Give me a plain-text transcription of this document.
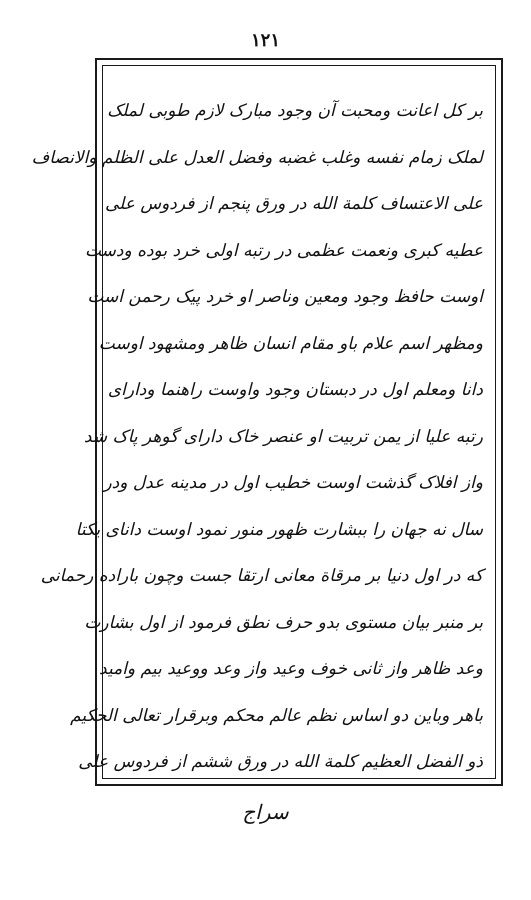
۱۲۱
بر کل اعانت ومحبت آن وجود مبارک لازم طوبی لملک
لملک زمام نفسه وغلب غضبه وفضل العدل علی الظلم والانصاف
علی الاعتساف کلمة الله در ورق پنجم از فردوس علی
عطیه کبری ونعمت عظمی در رتبه اولی خرد بوده ودست
اوست حافظ وجود ومعین وناصر او خرد پیک رحمن است
ومظهر اسم علام باو مقام انسان ظاهر ومشهود اوست
دانا ومعلم اول در دبستان وجود واوست راهنما ودارای
رتبه علیا از یمن تربیت او عنصر خاک دارای گوهر پاک شد
واز افلاک گذشت اوست خطیب اول در مدینه عدل ودر
سال نه جهان را ببشارت ظهور منور نمود اوست دانای یکتا
که در اول دنیا بر مرقاة معانی ارتقا جست وچون باراده رحمانی
بر منبر بیان مستوی بدو حرف نطق فرمود از اول بشارت
وعد ظاهر واز ثانی خوف وعید واز وعد ووعید بیم وامید
باهر وباین دو اساس نظم عالم محکم وبرقرار تعالی الحکیم
ذو الفضل العظیم کلمة الله در ورق ششم از فردوس علی
سراج
